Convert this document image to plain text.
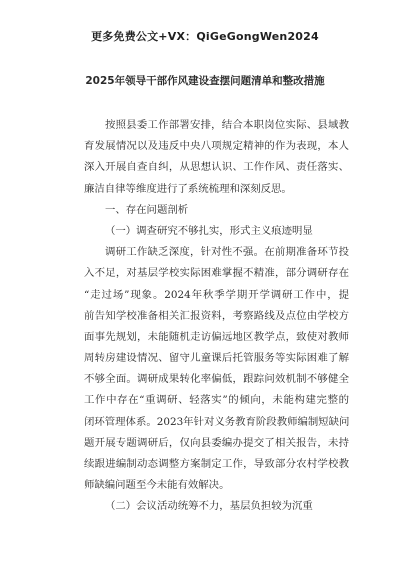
更多免费公文+VX：QiGeGongWen2024
2025年领导干部作风建设查摆问题清单和整改措施
按照县委工作部署安排，结合本职岗位实际、县域教
育发展情况以及违反中央八项规定精神的作为表现，本人
深入开展自查自纠，从思想认识、工作作风、责任落实、
廉洁自律等维度进行了系统梳理和深刻反思。
一、存在问题剖析
（一）调查研究不够扎实，形式主义痕迹明显
调研工作缺乏深度，针对性不强。在前期准备环节投
入不足，对基层学校实际困难掌握不精准，部分调研存在
“走过场”现象。2024年秋季学期开学调研工作中，提
前告知学校准备相关汇报资料，考察路线及点位由学校方
面事先规划，未能随机走访偏远地区教学点，致使对教师
周转房建设情况、留守儿童课后托管服务等实际困难了解
不够全面。调研成果转化率偏低，跟踪问效机制不够健全
工作中存在“重调研、轻落实”的倾向，未能构建完整的
闭环管理体系。2023年针对义务教育阶段教师编制短缺问
题开展专题调研后，仅向县委编办提交了相关报告，未持
续跟进编制动态调整方案制定工作，导致部分农村学校教
师缺编问题至今未能有效解决。
（二）会议活动统筹不力，基层负担较为沉重
